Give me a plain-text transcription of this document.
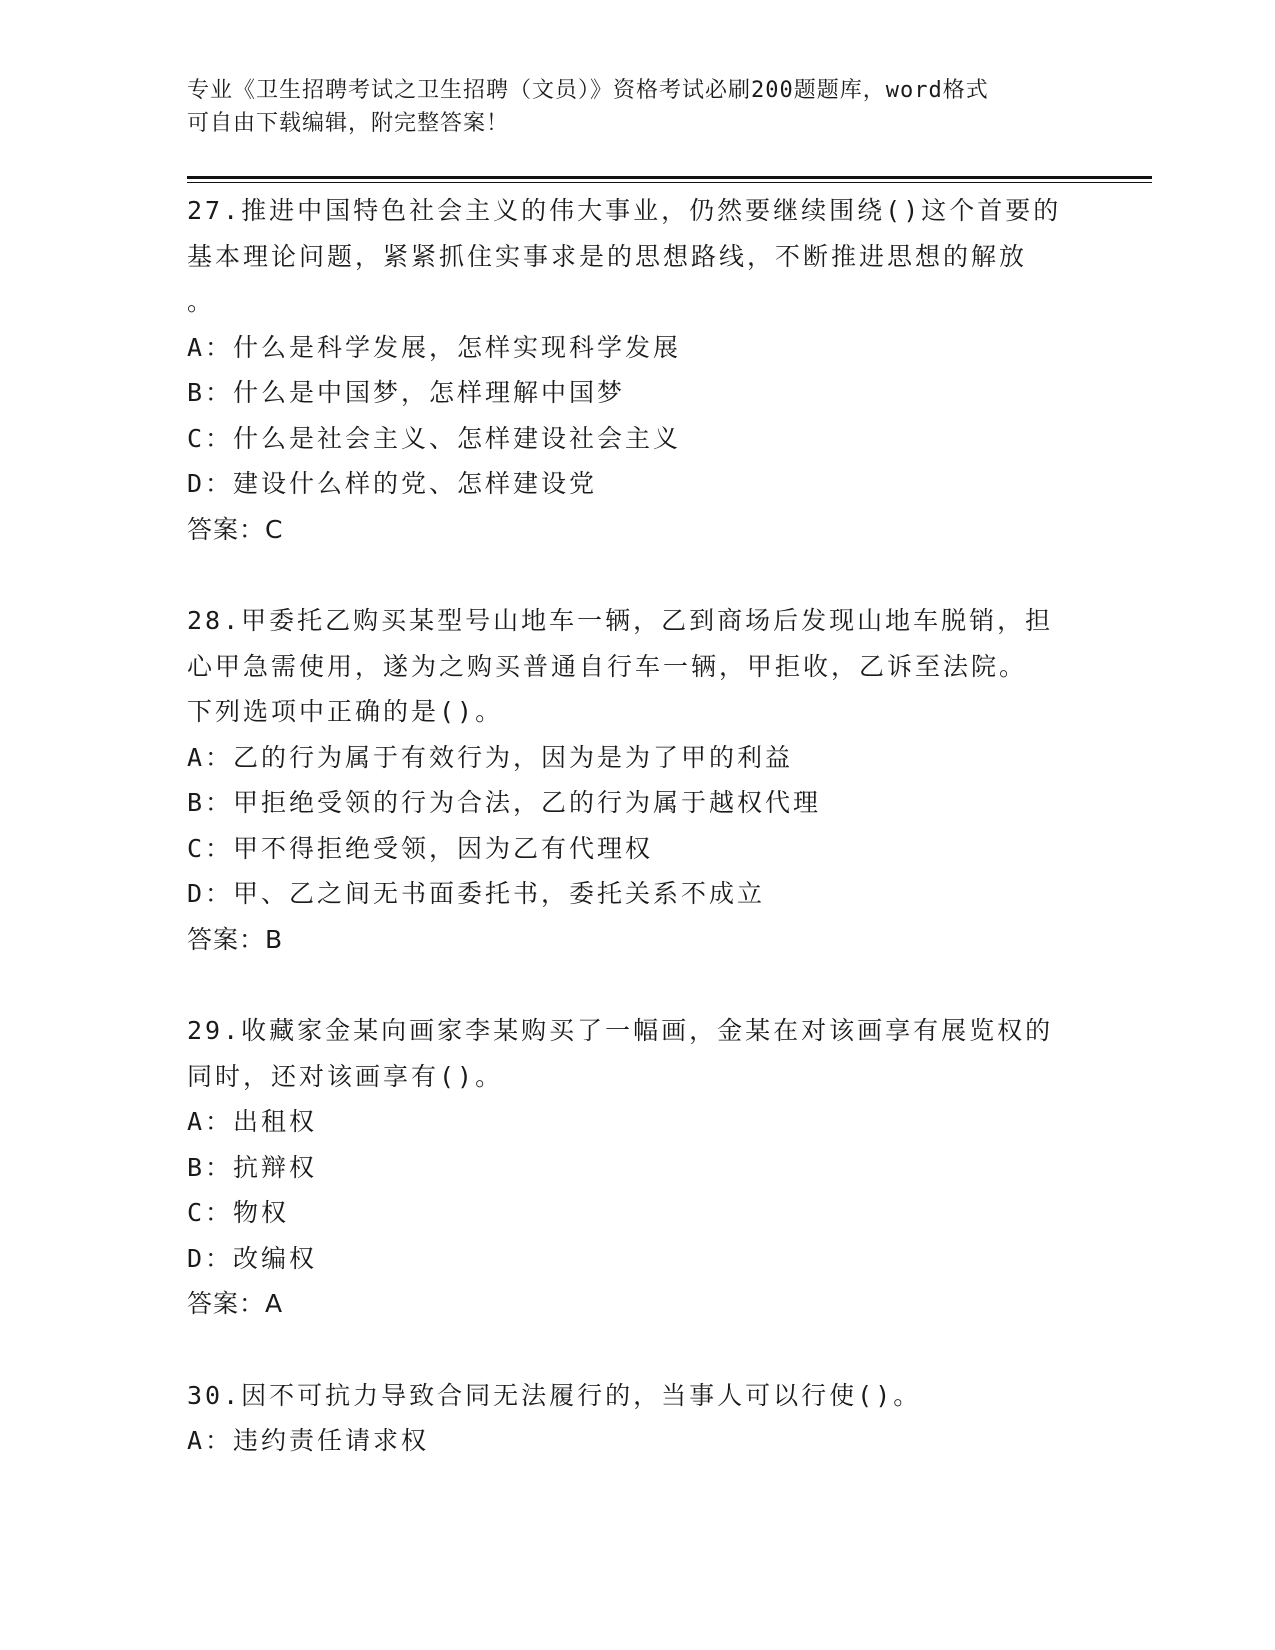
专业《卫生招聘考试之卫生招聘（文员）》资格考试必刷200题题库，word格式
可自由下载编辑，附完整答案！
27.推进中国特色社会主义的伟大事业，仍然要继续围绕()这个首要的
基本理论问题，紧紧抓住实事求是的思想路线，不断推进思想的解放
。
A：什么是科学发展，怎样实现科学发展
B：什么是中国梦，怎样理解中国梦
C：什么是社会主义、怎样建设社会主义
D：建设什么样的党、怎样建设党
答案：C
28.甲委托乙购买某型号山地车一辆，乙到商场后发现山地车脱销，担
心甲急需使用，遂为之购买普通自行车一辆，甲拒收，乙诉至法院。
下列选项中正确的是()。
A：乙的行为属于有效行为，因为是为了甲的利益
B：甲拒绝受领的行为合法，乙的行为属于越权代理
C：甲不得拒绝受领，因为乙有代理权
D：甲、乙之间无书面委托书，委托关系不成立
答案：B
29.收藏家金某向画家李某购买了一幅画，金某在对该画享有展览权的
同时，还对该画享有()。
A：出租权
B：抗辩权
C：物权
D：改编权
答案：A
30.因不可抗力导致合同无法履行的，当事人可以行使()。
A：违约责任请求权
